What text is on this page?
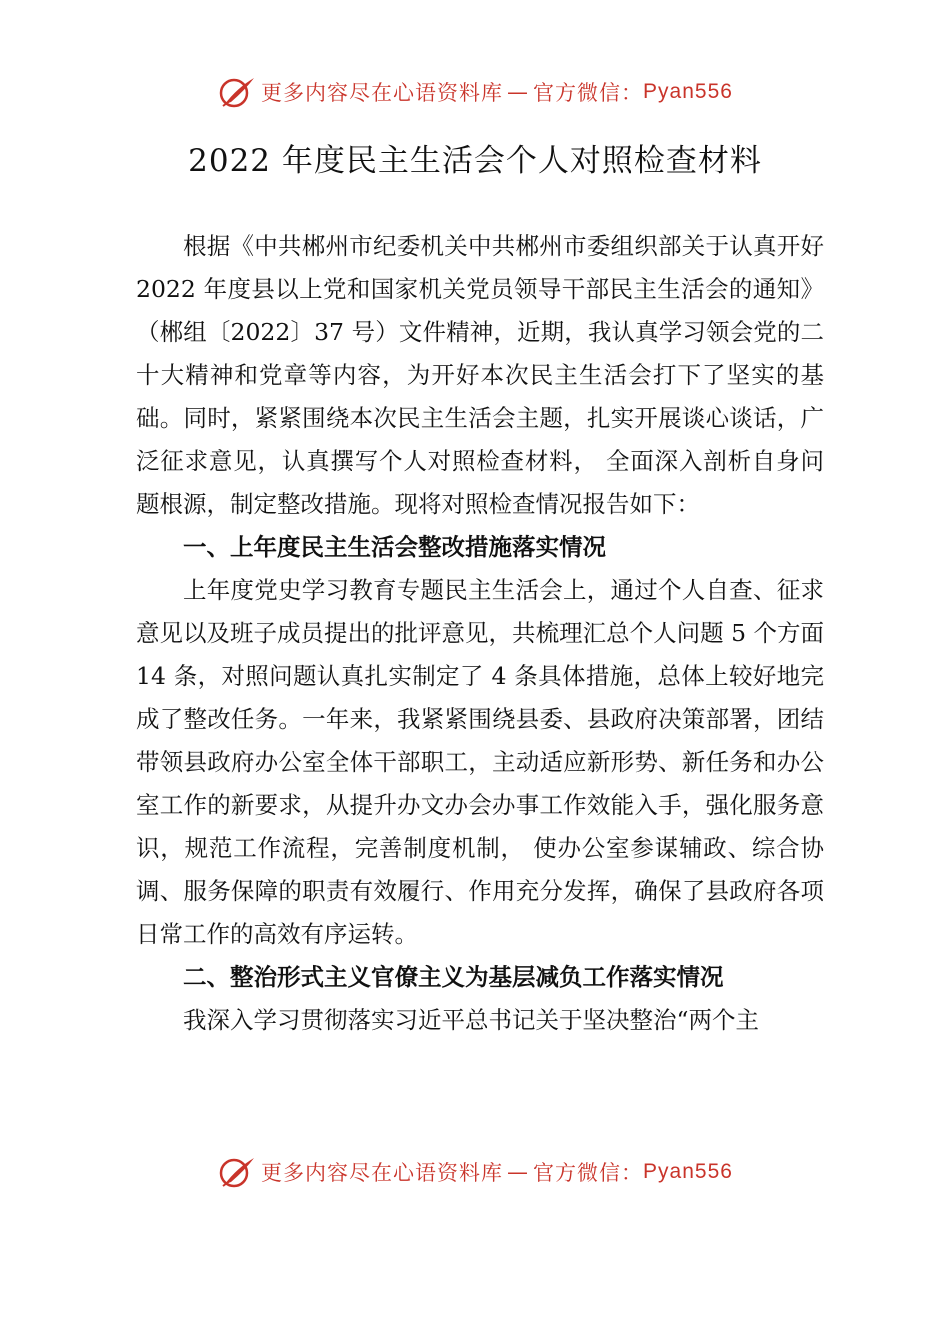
更多内容尽在心语资料库 — 官方微信： Pyan556
2022 年度民主生活会个人对照检查材料

根据《中共郴州市纪委机关中共郴州市委组织部关于认真开好 2022 年度县以上党和国家机关党员领导干部民主生活会的通知》（郴组〔2022〕37 号）文件精神，近期，我认真学习领会党的二十大精神和党章等内容，为开好本次民主生活会打下了坚实的基础。同时，紧紧围绕本次民主生活会主题，扎实开展谈心谈话，广泛征求意见，认真撰写个人对照检查材料， 全面深入剖析自身问题根源，制定整改措施。现将对照检查情况报告如下：

一、上年度民主生活会整改措施落实情况

上年度党史学习教育专题民主生活会上，通过个人自查、征求意见以及班子成员提出的批评意见，共梳理汇总个人问题 5 个方面 14 条，对照问题认真扎实制定了 4 条具体措施，总体上较好地完成了整改任务。一年来，我紧紧围绕县委、县政府决策部署，团结带领县政府办公室全体干部职工，主动适应新形势、新任务和办公室工作的新要求，从提升办文办会办事工作效能入手，强化服务意识，规范工作流程，完善制度机制， 使办公室参谋辅政、综合协调、服务保障的职责有效履行、作用充分发挥，确保了县政府各项日常工作的高效有序运转。

二、整治形式主义官僚主义为基层减负工作落实情况

我深入学习贯彻落实习近平总书记关于坚决整治“两个主

更多内容尽在心语资料库 — 官方微信： Pyan556
